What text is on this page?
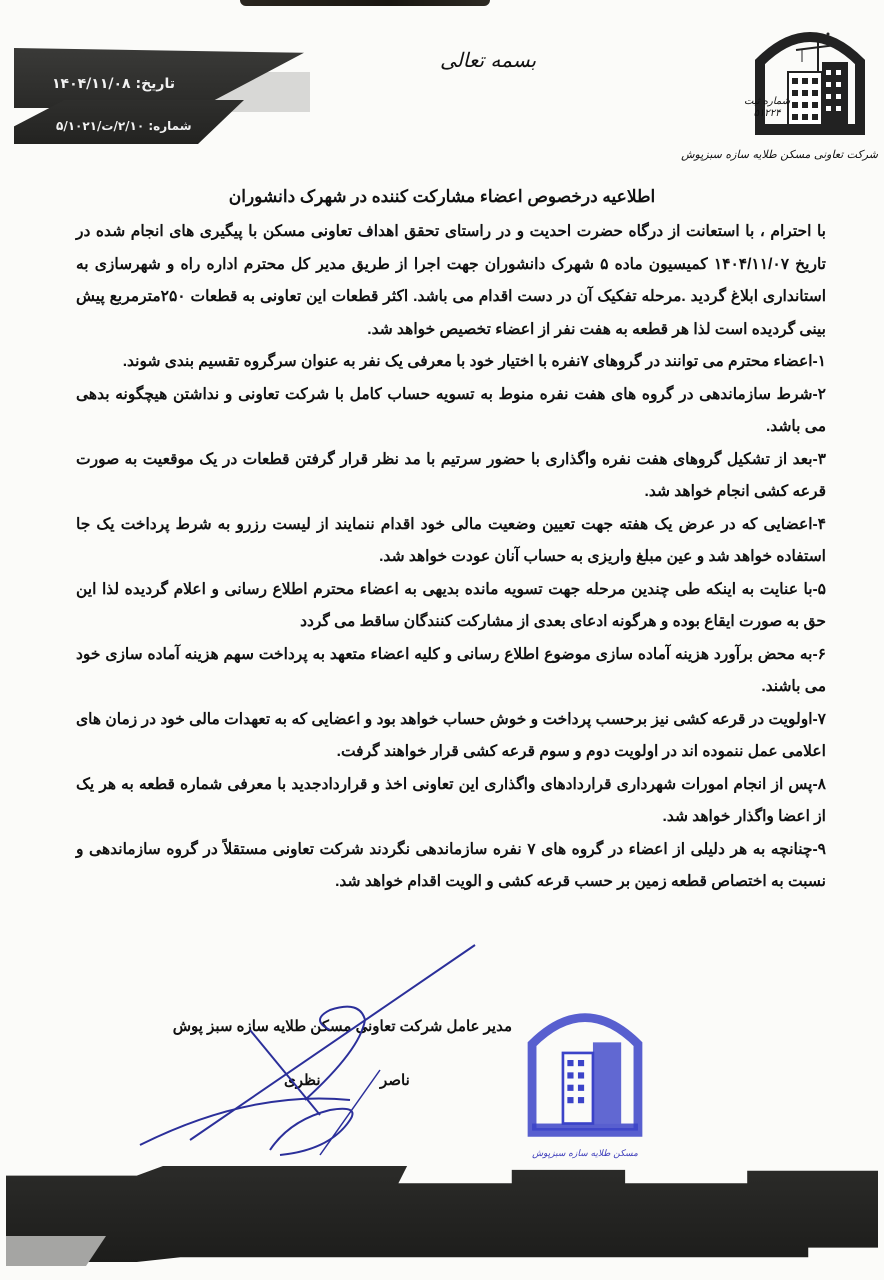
تاریخ: ۱۴۰۴/۱۱/۰۸
شماره: ۲/۱۰/ت/۵/۱۰۲۱
بسمه تعالی
شماره ثبت
۵۱۲۲۴
شرکت تعاونی مسکن طلایه سازه سبزپوش
اطلاعیه درخصوص اعضاء مشارکت کننده در شهرک دانشوران

با احترام ، با استعانت از درگاه حضرت احدیت و در راستای تحقق اهداف تعاونی مسکن با پیگیری های انجام شده در تاریخ ۱۴۰۴/۱۱/۰۷ کمیسیون ماده ۵ شهرک دانشوران جهت اجرا از طریق مدیر کل محترم اداره راه و شهرسازی به استانداری ابلاغ گردید .مرحله تفکیک آن در دست اقدام می باشد. اکثر قطعات این تعاونی به قطعات ۲۵۰مترمربع پیش بینی گردیده است لذا هر قطعه به هفت نفر از اعضاء تخصیص خواهد شد.

۱-اعضاء محترم می توانند در گروهای ۷نفره با اختیار خود با معرفی یک نفر به عنوان سرگروه تقسیم بندی شوند.

۲-شرط سازماندهی در گروه های هفت نفره منوط به تسویه حساب کامل با شرکت تعاونی و نداشتن هیچگونه بدهی می باشد.

۳-بعد از تشکیل گروهای هفت نفره واگذاری با حضور سرتیم با مد نظر قرار گرفتن قطعات در یک موقعیت به صورت قرعه کشی انجام خواهد شد.

۴-اعضایی که در عرض یک هفته جهت تعیین وضعیت مالی خود اقدام ننمایند از لیست رزرو به شرط پرداخت یک جا استفاده خواهد شد و عین مبلغ واریزی به حساب آنان عودت خواهد شد.

۵-با عنایت به اینکه طی چندین مرحله جهت تسویه مانده بدیهی به اعضاء محترم اطلاع رسانی و اعلام گردیده لذا این حق به صورت ایقاع بوده و هرگونه ادعای بعدی از مشارکت کنندگان ساقط می گردد

۶-به محض برآورد هزینه آماده سازی موضوع اطلاع رسانی و کلیه اعضاء متعهد به پرداخت سهم هزینه آماده سازی خود می باشند.

۷-اولویت در قرعه کشی نیز برحسب پرداخت و خوش حساب خواهد بود و اعضایی که به تعهدات مالی خود در زمان های اعلامی عمل ننموده اند در اولویت دوم و سوم قرعه کشی قرار خواهند گرفت.

۸-پس از انجام امورات شهرداری قراردادهای واگذاری این تعاونی اخذ و قراردادجدید با معرفی شماره قطعه به هر یک از اعضا واگذار خواهد شد.

۹-چنانچه به هر دلیلی از اعضاء در گروه های ۷ نفره سازماندهی نگردند شرکت تعاونی مستقلاً در گروه سازماندهی و نسبت به اختصاص قطعه زمین بر حسب قرعه کشی و الویت اقدام خواهد شد.

مسکن طلایه سازه سبزپوش
مدیر عامل شرکت تعاونی مسکن طلایه سازه سبز پوش
ناصر
نظری
